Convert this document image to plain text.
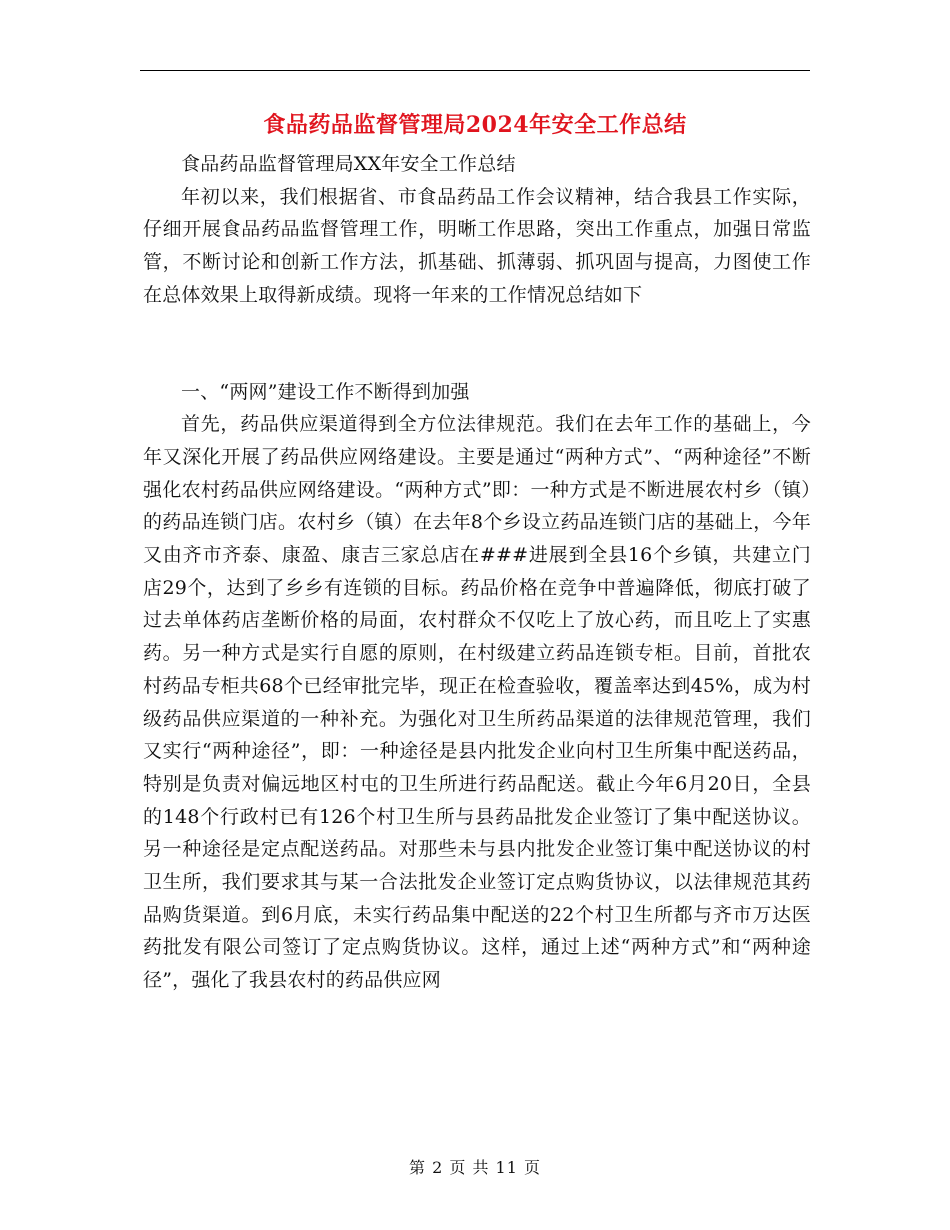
食品药品监督管理局2024年安全工作总结

食品药品监督管理局XX年安全工作总结

年初以来，我们根据省、市食品药品工作会议精神，结合我县工作实际，仔细开展食品药品监督管理工作，明晰工作思路，突出工作重点，加强日常监管，不断讨论和创新工作方法，抓基础、抓薄弱、抓巩固与提高，力图使工作在总体效果上取得新成绩。现将一年来的工作情况总结如下

一、“两网”建设工作不断得到加强

首先，药品供应渠道得到全方位法律规范。我们在去年工作的基础上，今年又深化开展了药品供应网络建设。主要是通过“两种方式”、“两种途径”不断强化农村药品供应网络建设。“两种方式”即：一种方式是不断进展农村乡（镇）的药品连锁门店。农村乡（镇）在去年8个乡设立药品连锁门店的基础上，今年又由齐市齐泰、康盈、康吉三家总店在###进展到全县16个乡镇，共建立门店29个，达到了乡乡有连锁的目标。药品价格在竞争中普遍降低，彻底打破了过去单体药店垄断价格的局面，农村群众不仅吃上了放心药，而且吃上了实惠药。另一种方式是实行自愿的原则，在村级建立药品连锁专柜。目前，首批农村药品专柜共68个已经审批完毕，现正在检查验收，覆盖率达到45%，成为村级药品供应渠道的一种补充。为强化对卫生所药品渠道的法律规范管理，我们又实行“两种途径”，即：一种途径是县内批发企业向村卫生所集中配送药品，特别是负责对偏远地区村屯的卫生所进行药品配送。截止今年6月20日，全县的148个行政村已有126个村卫生所与县药品批发企业签订了集中配送协议。另一种途径是定点配送药品。对那些未与县内批发企业签订集中配送协议的村卫生所，我们要求其与某一合法批发企业签订定点购货协议，以法律规范其药品购货渠道。到6月底，未实行药品集中配送的22个村卫生所都与齐市万达医药批发有限公司签订了定点购货协议。这样，通过上述“两种方式”和“两种途径”，强化了我县农村的药品供应网

第 2 页 共 11 页
